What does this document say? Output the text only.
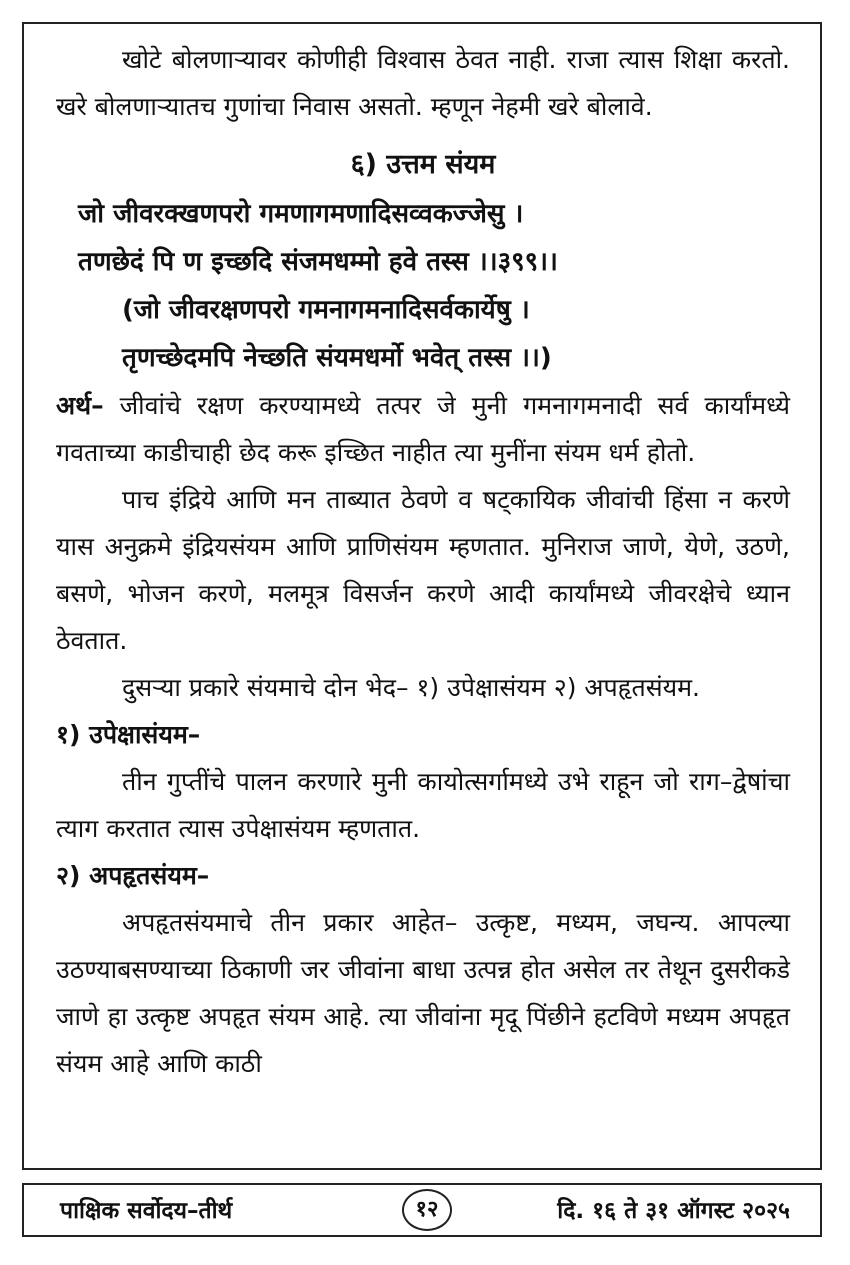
खोटे बोलणाऱ्यावर कोणीही विश्वास ठेवत नाही. राजा त्यास शिक्षा करतो. खरे बोलणाऱ्यातच गुणांचा निवास असतो. म्हणून नेहमी खरे बोलावे.

६) उत्तम संयम

जो जीवरक्खणपरो गमणागमणादिसव्वकज्जेसु ।

तणछेदं पि ण इच्छदि संजमधम्मो हवे तस्स ।।३९९।।

(जो जीवरक्षणपरो गमनागमनादिसर्वकार्येषु ।

तृणच्छेदमपि नेच्छति संयमधर्मो भवेत् तस्स ।।)

अर्थ– जीवांचे रक्षण करण्यामध्ये तत्पर जे मुनी गमनागमनादी सर्व कार्यांमध्ये गवताच्या काडीचाही छेद करू इच्छित नाहीत त्या मुनींना संयम धर्म होतो.

पाच इंद्रिये आणि मन ताब्यात ठेवणे व षट्कायिक जीवांची हिंसा न करणे यास अनुक्रमे इंद्रियसंयम आणि प्राणिसंयम म्हणतात. मुनिराज जाणे, येणे, उठणे, बसणे, भोजन करणे, मलमूत्र विसर्जन करणे आदी कार्यांमध्ये जीवरक्षेचे ध्यान ठेवतात.

दुसऱ्या प्रकारे संयमाचे दोन भेद– १) उपेक्षासंयम २) अपहृतसंयम.

१) उपेक्षासंयम–

तीन गुप्तींचे पालन करणारे मुनी कायोत्सर्गामध्ये उभे राहून जो राग–द्वेषांचा त्याग करतात त्यास उपेक्षासंयम म्हणतात.

२) अपहृतसंयम–

अपहृतसंयमाचे तीन प्रकार आहेत– उत्कृष्ट, मध्यम, जघन्य. आपल्या उठण्याबसण्याच्या ठिकाणी जर जीवांना बाधा उत्पन्न होत असेल तर तेथून दुसरीकडे जाणे हा उत्कृष्ट अपहृत संयम आहे. त्या जीवांना मृदू पिंछीने हटविणे मध्यम अपहृत संयम आहे आणि काठी

पाक्षिक सर्वोदय–तीर्थ	१२	दि. १६ ते ३१ ऑगस्ट २०२५
